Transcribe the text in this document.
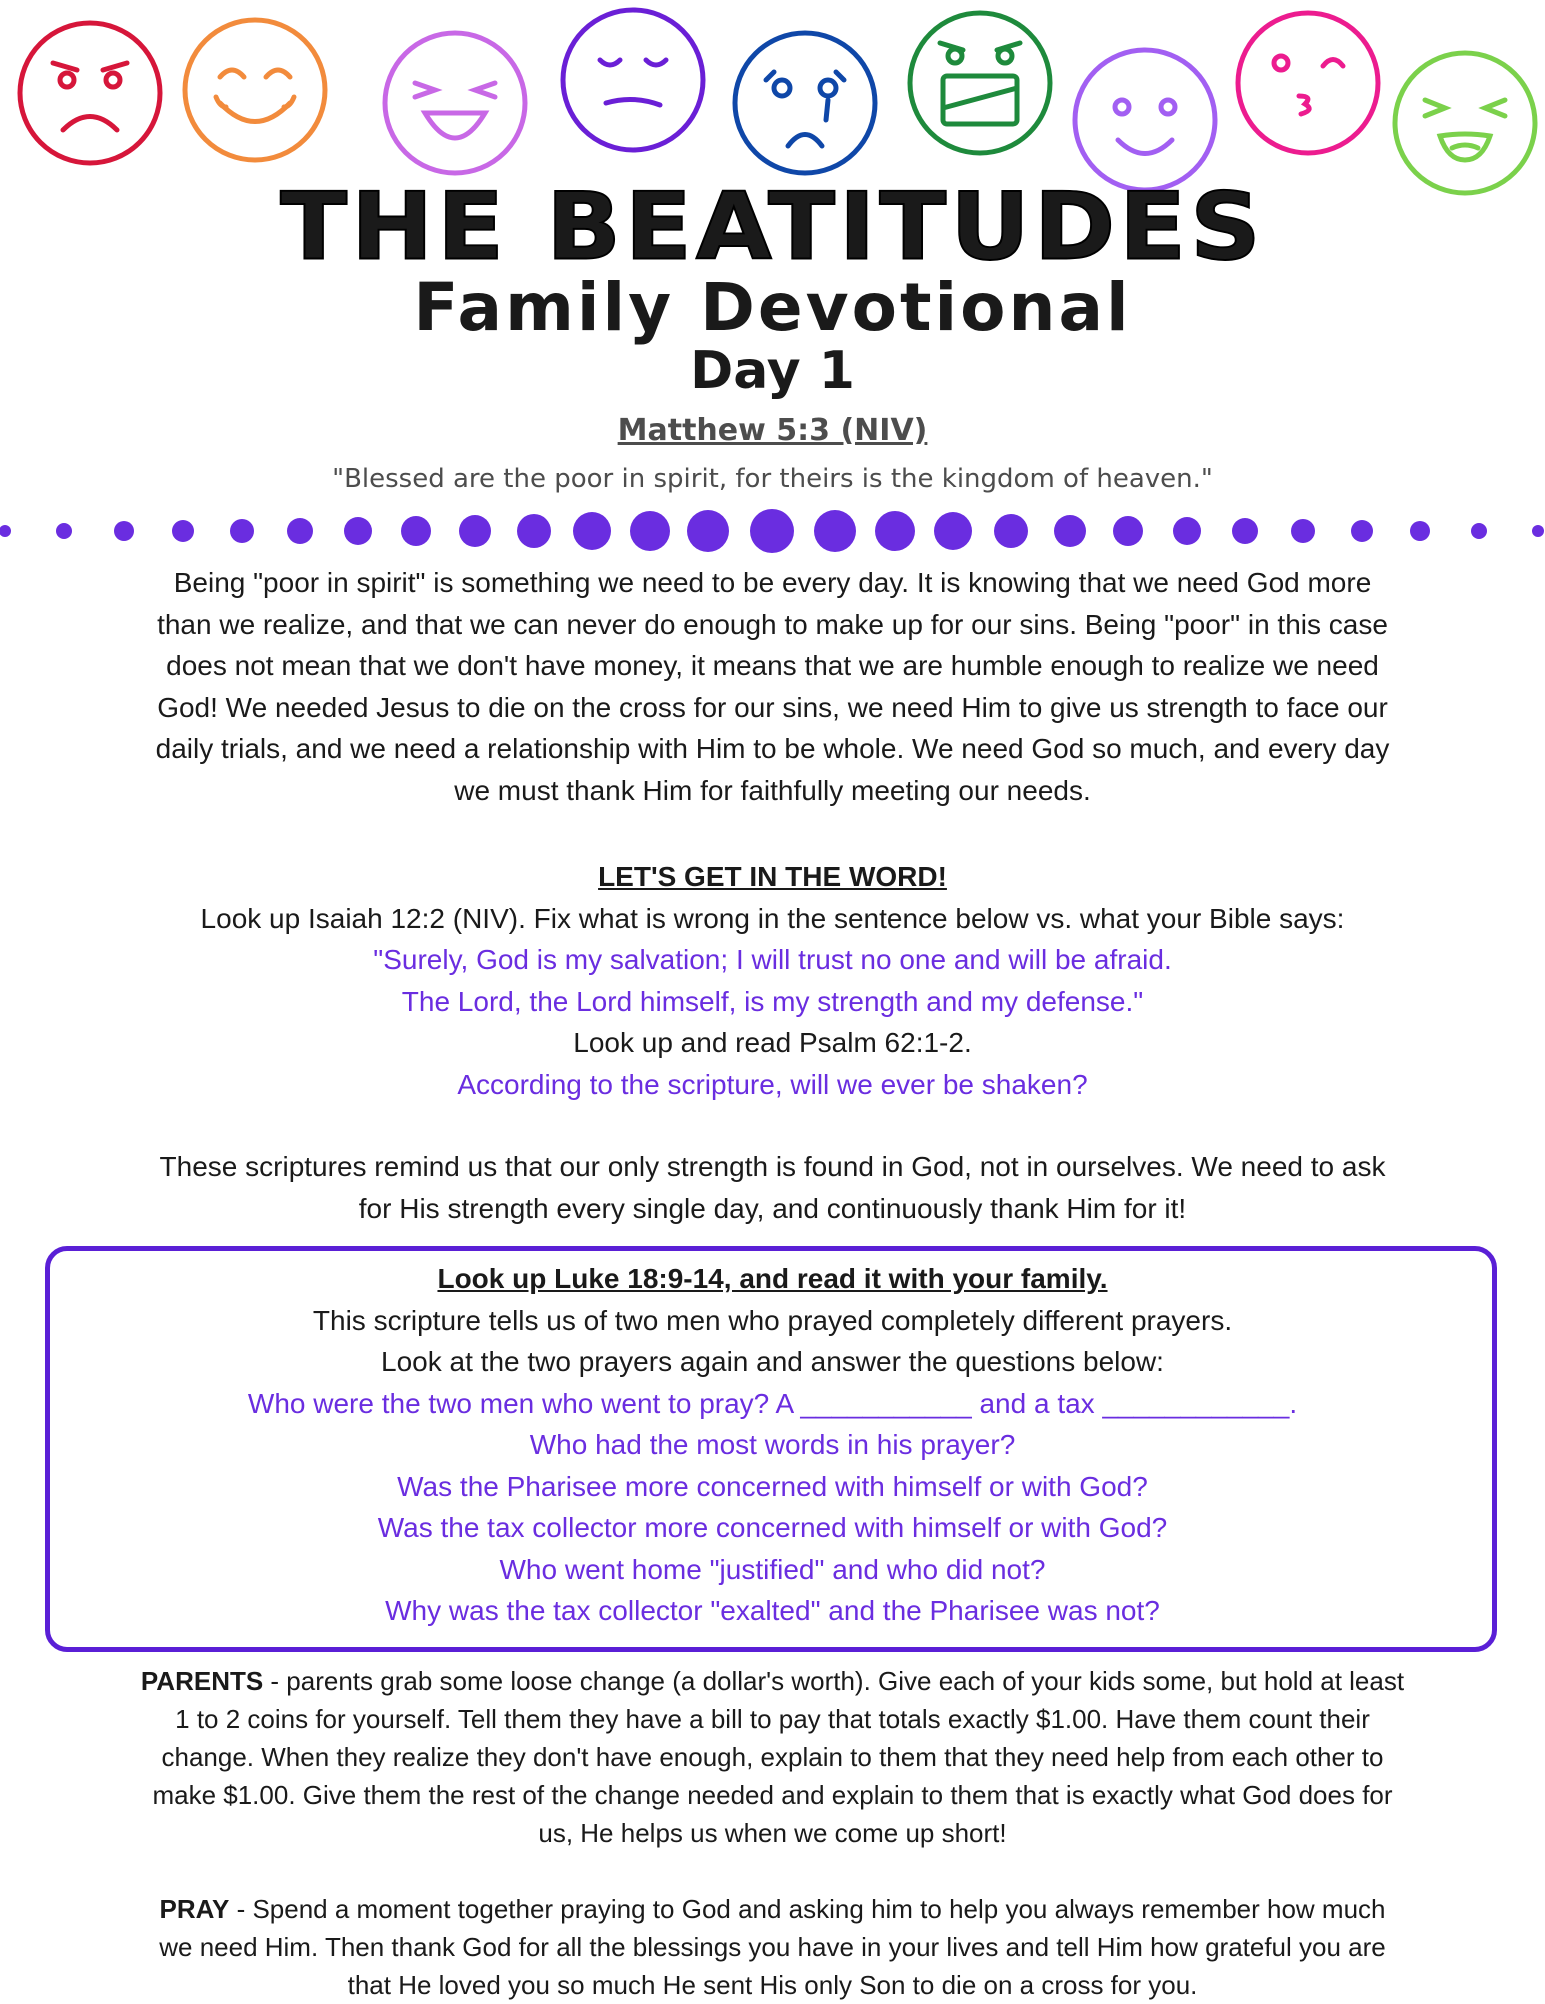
THE BEATITUDES
Family Devotional
Day 1
Matthew 5:3 (NIV)
"Blessed are the poor in spirit, for theirs is the kingdom of heaven."
Being "poor in spirit" is something we need to be every day. It is knowing that we need God more
than we realize, and that we can never do enough to make up for our sins. Being "poor" in this case
does not mean that we don't have money, it means that we are humble enough to realize we need
God! We needed Jesus to die on the cross for our sins, we need Him to give us strength to face our
daily trials, and we need a relationship with Him to be whole. We need God so much, and every day
we must thank Him for faithfully meeting our needs.
LET'S GET IN THE WORD!
Look up Isaiah 12:2 (NIV). Fix what is wrong in the sentence below vs. what your Bible says:
"Surely, God is my salvation; I will trust no one and will be afraid.
The Lord, the Lord himself, is my strength and my defense."
Look up and read Psalm 62:1-2.
According to the scripture, will we ever be shaken?
These scriptures remind us that our only strength is found in God, not in ourselves. We need to ask
for His strength every single day, and continuously thank Him for it!
Look up Luke 18:9-14, and read it with your family.
This scripture tells us of two men who prayed completely different prayers.
Look at the two prayers again and answer the questions below:
Who were the two men who went to pray? A ___________ and a tax ____________.
Who had the most words in his prayer?
Was the Pharisee more concerned with himself or with God?
Was the tax collector more concerned with himself or with God?
Who went home "justified" and who did not?
Why was the tax collector "exalted" and the Pharisee was not?
PARENTS - parents grab some loose change (a dollar's worth). Give each of your kids some, but hold at least
1 to 2 coins for yourself. Tell them they have a bill to pay that totals exactly $1.00. Have them count their
change. When they realize they don't have enough, explain to them that they need help from each other to
make $1.00. Give them the rest of the change needed and explain to them that is exactly what God does for
us, He helps us when we come up short!
PRAY - Spend a moment together praying to God and asking him to help you always remember how much
we need Him. Then thank God for all the blessings you have in your lives and tell Him how grateful you are
that He loved you so much He sent His only Son to die on a cross for you.
